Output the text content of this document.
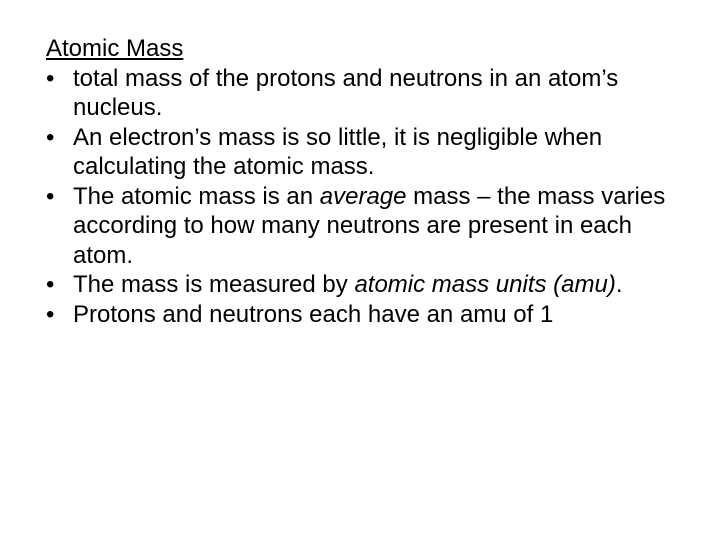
Atomic Mass
• total mass of the protons and neutrons in an atom’s nucleus.
• An electron’s mass is so little, it is negligible when calculating the atomic mass.
• The atomic mass is an average mass – the mass varies according to how many neutrons are present in each atom.
• The mass is measured by atomic mass units (amu).
• Protons and neutrons each have an amu of 1
